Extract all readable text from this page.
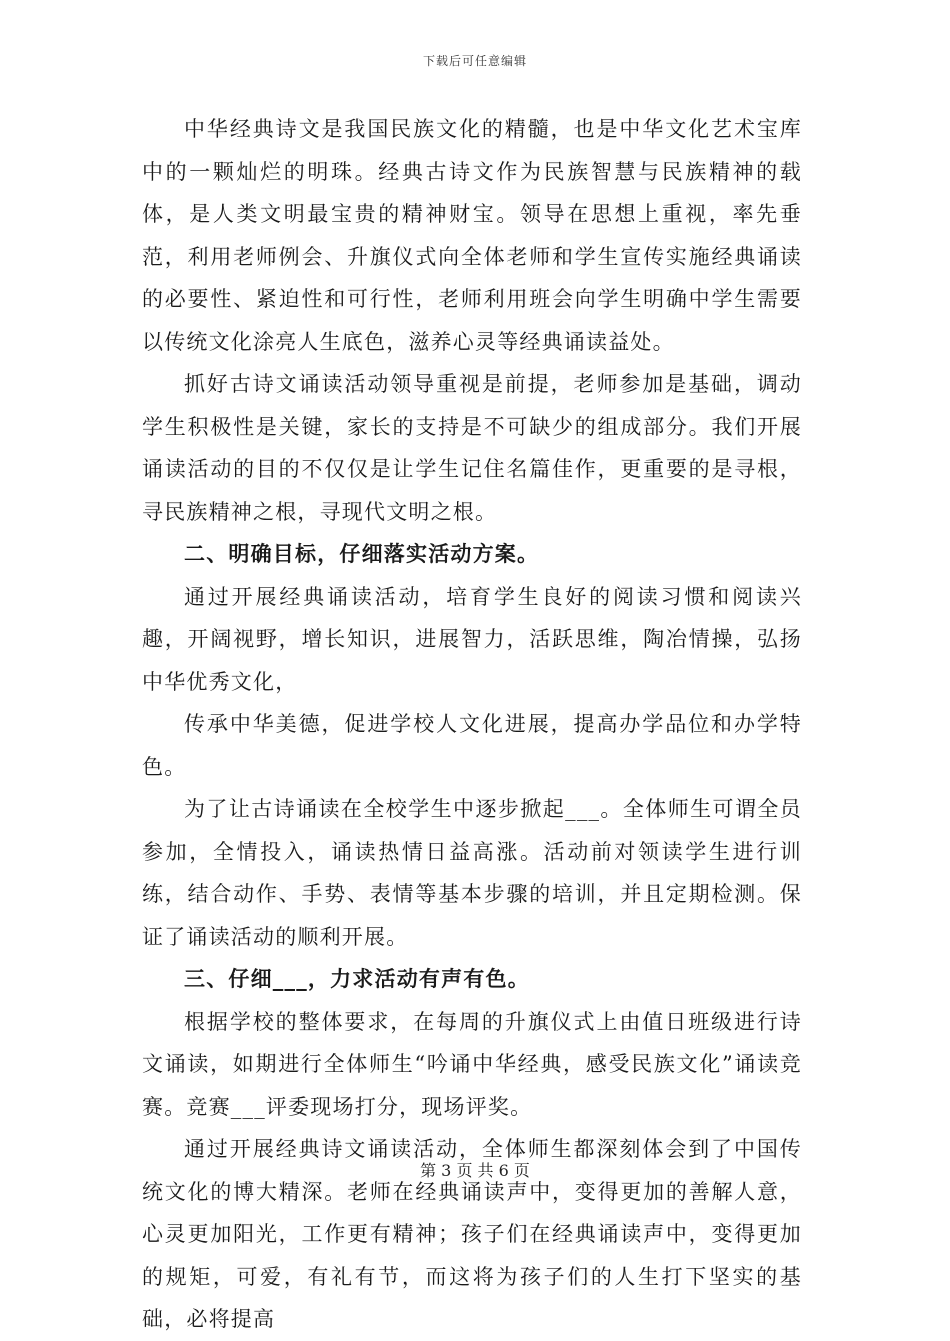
下载后可任意编辑

中华经典诗文是我国民族文化的精髓，也是中华文化艺术宝库中的一颗灿烂的明珠。经典古诗文作为民族智慧与民族精神的载体，是人类文明最宝贵的精神财宝。领导在思想上重视，率先垂范，利用老师例会、升旗仪式向全体老师和学生宣传实施经典诵读的必要性、紧迫性和可行性，老师利用班会向学生明确中学生需要以传统文化涂亮人生底色，滋养心灵等经典诵读益处。

抓好古诗文诵读活动领导重视是前提，老师参加是基础，调动学生积极性是关键，家长的支持是不可缺少的组成部分。我们开展诵读活动的目的不仅仅是让学生记住名篇佳作，更重要的是寻根，寻民族精神之根，寻现代文明之根。

二、明确目标，仔细落实活动方案。

通过开展经典诵读活动，培育学生良好的阅读习惯和阅读兴趣，开阔视野，增长知识，进展智力，活跃思维，陶冶情操，弘扬中华优秀文化，

传承中华美德，促进学校人文化进展，提高办学品位和办学特色。

为了让古诗诵读在全校学生中逐步掀起___。全体师生可谓全员参加，全情投入，诵读热情日益高涨。活动前对领读学生进行训练，结合动作、手势、表情等基本步骤的培训，并且定期检测。保证了诵读活动的顺利开展。

三、仔细___，力求活动有声有色。

根据学校的整体要求，在每周的升旗仪式上由值日班级进行诗文诵读，如期进行全体师生“吟诵中华经典，感受民族文化”诵读竞赛。竞赛___评委现场打分，现场评奖。

通过开展经典诗文诵读活动，全体师生都深刻体会到了中国传统文化的博大精深。老师在经典诵读声中，变得更加的善解人意，心灵更加阳光，工作更有精神；孩子们在经典诵读声中，变得更加的规矩，可爱，有礼有节，而这将为孩子们的人生打下坚实的基础，必将提高

第 3 页 共 6 页
